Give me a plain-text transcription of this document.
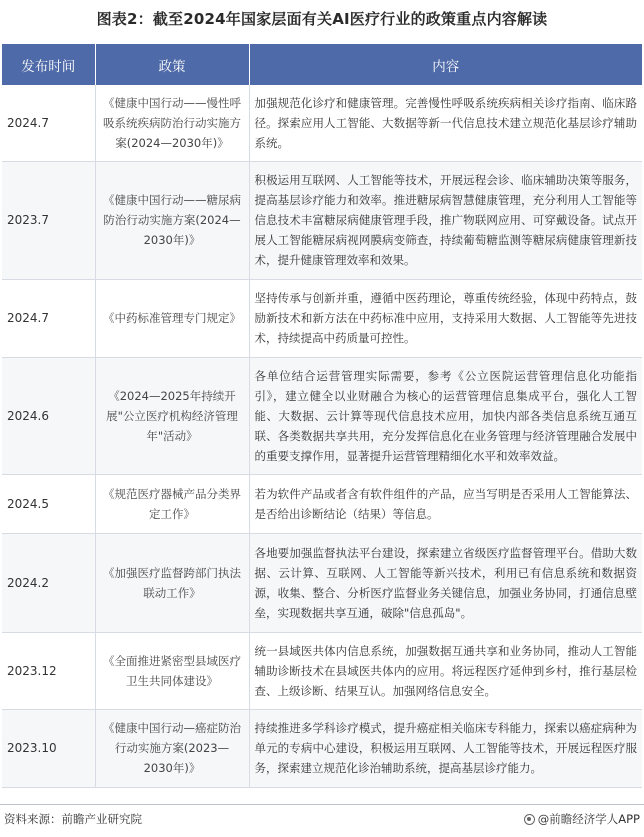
图表2：截至2024年国家层面有关AI医疗行业的政策重点内容解读
发布时间	政策	内容
2024.7	《健康中国行动——慢性呼吸系统疾病防治行动实施方案(2024—2030年)》	加强规范化诊疗和健康管理。完善慢性呼吸系统疾病相关诊疗指南、临床路径。探索应用人工智能、大数据等新一代信息技术建立规范化基层诊疗辅助系统。
2023.7	《健康中国行动——糖尿病防治行动实施方案(2024—2030年)》	积极运用互联网、人工智能等技术，开展远程会诊、临床辅助决策等服务，提高基层诊疗能力和效率。推进糖尿病智慧健康管理，充分利用人工智能等信息技术丰富糖尿病健康管理手段，推广物联网应用、可穿戴设备。试点开展人工智能糖尿病视网膜病变筛查，持续葡萄糖监测等糖尿病健康管理新技术，提升健康管理效率和效果。
2024.7	《中药标准管理专门规定》	坚持传承与创新并重，遵循中医药理论，尊重传统经验，体现中药特点，鼓励新技术和新方法在中药标准中应用，支持采用大数据、人工智能等先进技术，持续提高中药质量可控性。
2024.6	《2024—2025年持续开展"公立医疗机构经济管理年"活动》	各单位结合运营管理实际需要，参考《公立医院运营管理信息化功能指引》，建立健全以业财融合为核心的运营管理信息集成平台，强化人工智能、大数据、云计算等现代信息技术应用，加快内部各类信息系统互通互联、各类数据共享共用，充分发挥信息化在业务管理与经济管理融合发展中的重要支撑作用，显著提升运营管理精细化水平和效率效益。
2024.5	《规范医疗器械产品分类界定工作》	若为软件产品或者含有软件组件的产品，应当写明是否采用人工智能算法、是否给出诊断结论（结果）等信息。
2024.2	《加强医疗监督跨部门执法联动工作》	各地要加强监督执法平台建设，探索建立省级医疗监督管理平台。借助大数据、云计算、互联网、人工智能等新兴技术，利用已有信息系统和数据资源，收集、整合、分析医疗监督业务关键信息，加强业务协同，打通信息壁垒，实现数据共享互通，破除"信息孤岛"。
2023.12	《全面推进紧密型县域医疗卫生共同体建设》	统一县域医共体内信息系统，加强数据互通共享和业务协同，推动人工智能辅助诊断技术在县域医共体内的应用。将远程医疗延伸到乡村，推行基层检查、上级诊断、结果互认。加强网络信息安全。
2023.10	《健康中国行动—癌症防治行动实施方案(2023—2030年)》	持续推进多学科诊疗模式，提升癌症相关临床专科能力，探索以癌症病种为单元的专病中心建设，积极运用互联网、人工智能等技术，开展远程医疗服务，探索建立规范化诊治辅助系统，提高基层诊疗能力。
资料来源：前瞻产业研究院	@前瞻经济学人APP
